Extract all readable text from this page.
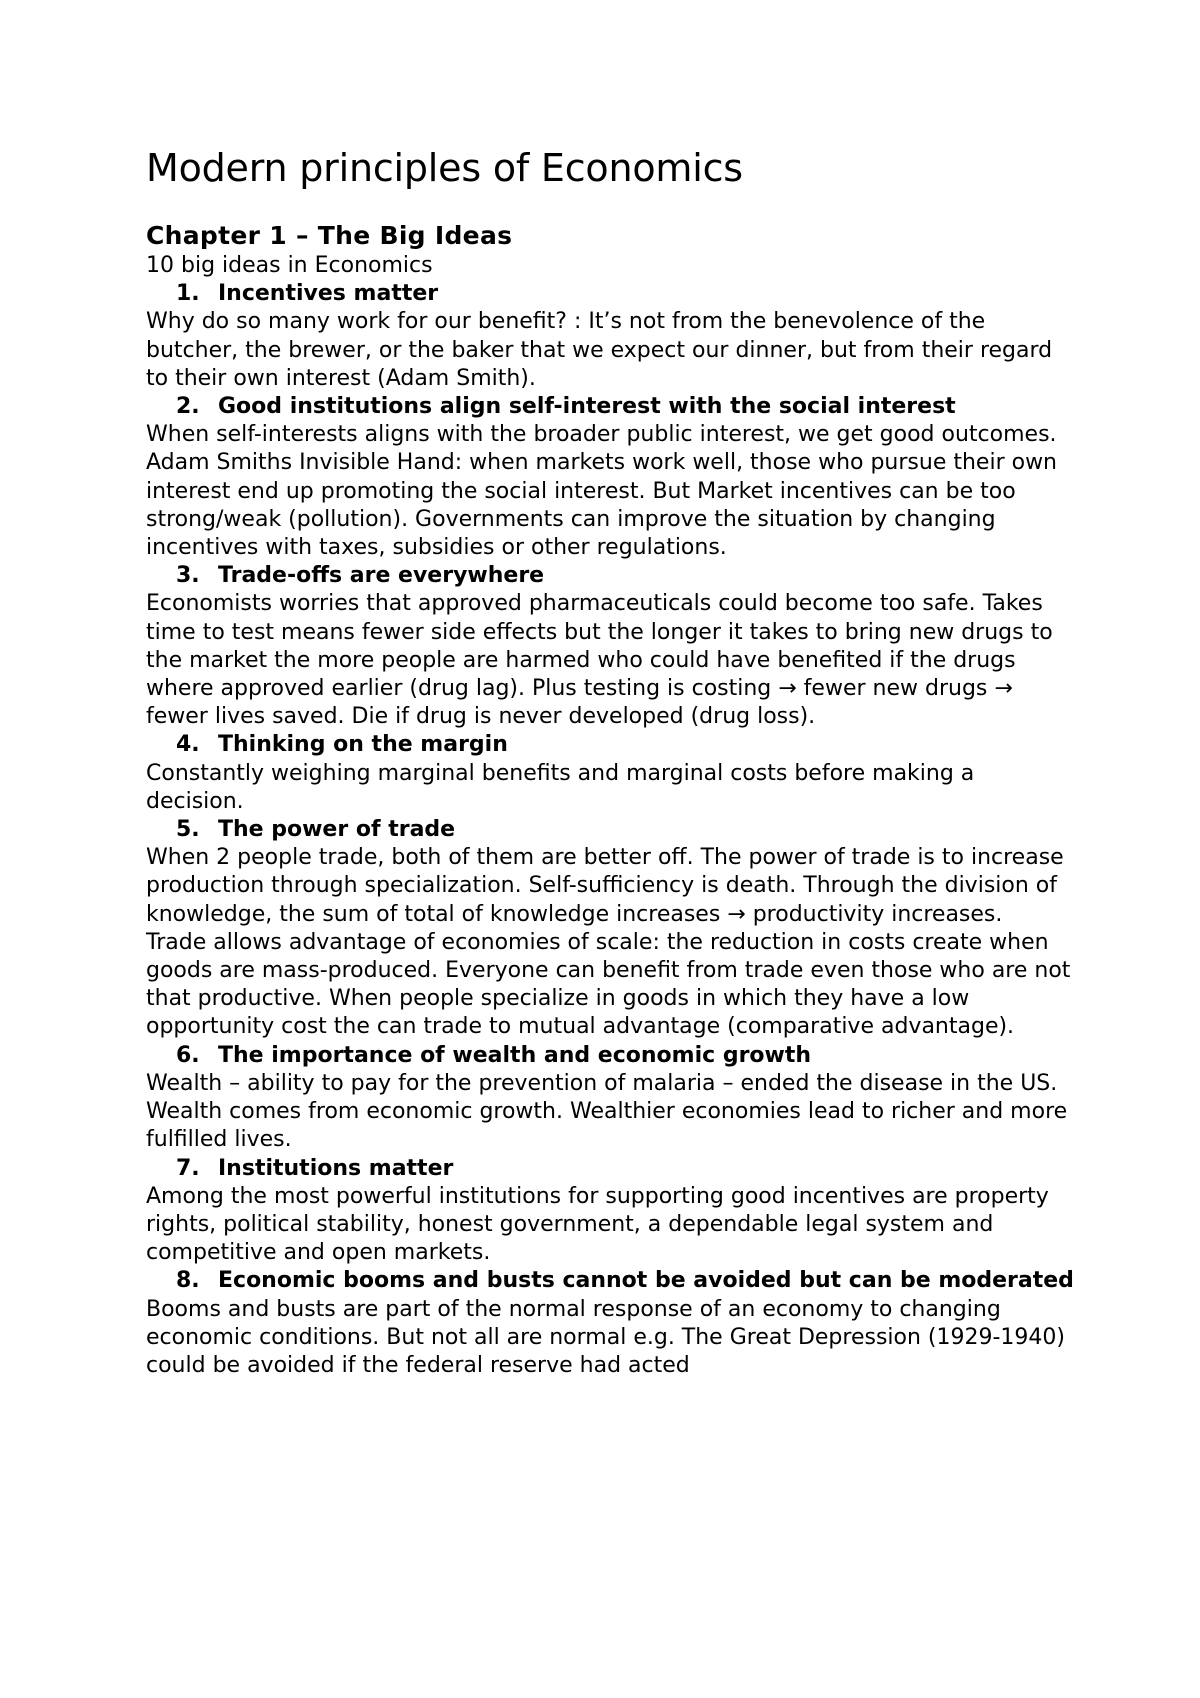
Modern principles of Economics
Chapter 1 – The Big Ideas

10 big ideas in Economics

1. Incentives matter

Why do so many work for our benefit? : It’s not from the benevolence of the butcher, the brewer, or the baker that we expect our dinner, but from their regard to their own interest (Adam Smith).

2. Good institutions align self-interest with the social interest

When self-interests aligns with the broader public interest, we get good outcomes. Adam Smiths Invisible Hand: when markets work well, those who pursue their own interest end up promoting the social interest. But Market incentives can be too strong/weak (pollution). Governments can improve the situation by changing incentives with taxes, subsidies or other regulations.

3. Trade-offs are everywhere

Economists worries that approved pharmaceuticals could become too safe. Takes time to test means fewer side effects but the longer it takes to bring new drugs to the market the more people are harmed who could have benefited if the drugs where approved earlier (drug lag). Plus testing is costing → fewer new drugs → fewer lives saved. Die if drug is never developed (drug loss).

4. Thinking on the margin

Constantly weighing marginal benefits and marginal costs before making a decision.

5. The power of trade

When 2 people trade, both of them are better off. The power of trade is to increase production through specialization. Self-sufficiency is death. Through the division of knowledge, the sum of total of knowledge increases → productivity increases.

Trade allows advantage of economies of scale: the reduction in costs create when goods are mass-produced. Everyone can benefit from trade even those who are not that productive. When people specialize in goods in which they have a low opportunity cost the can trade to mutual advantage (comparative advantage).

6. The importance of wealth and economic growth

Wealth – ability to pay for the prevention of malaria – ended the disease in the US. Wealth comes from economic growth. Wealthier economies lead to richer and more fulfilled lives.

7. Institutions matter

Among the most powerful institutions for supporting good incentives are property rights, political stability, honest government, a dependable legal system and competitive and open markets.

8. Economic booms and busts cannot be avoided but can be moderated

Booms and busts are part of the normal response of an economy to changing economic conditions. But not all are normal e.g. The Great Depression (1929-1940) could be avoided if the federal reserve had acted
